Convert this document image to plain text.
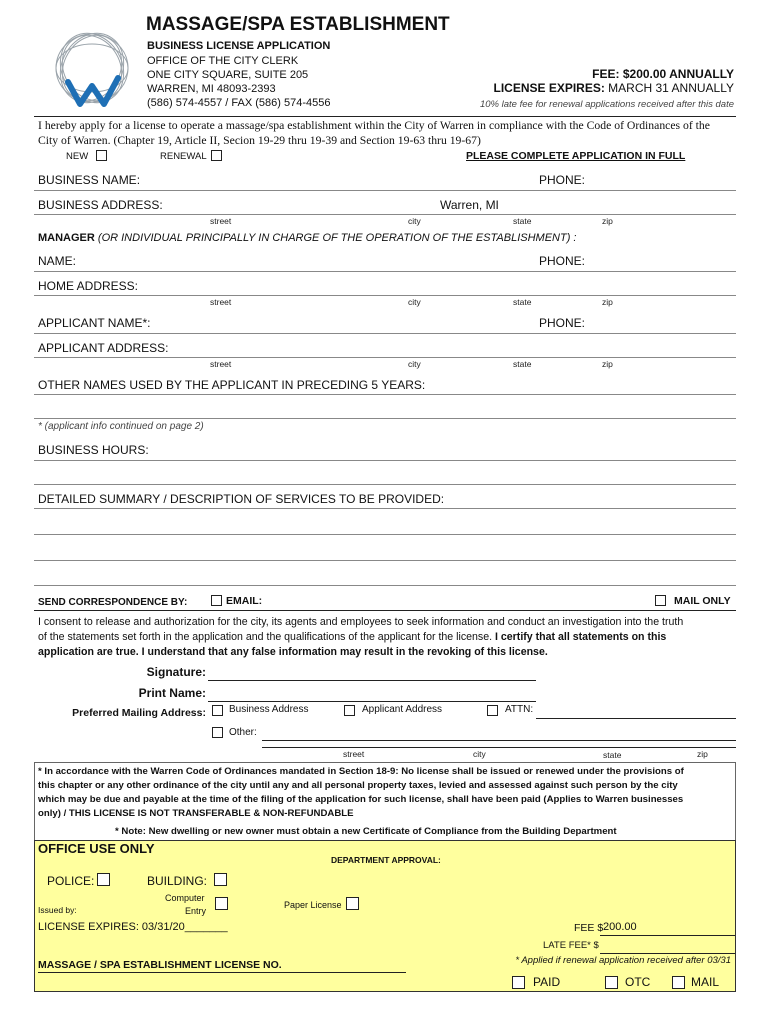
MASSAGE/SPA ESTABLISHMENT
BUSINESS LICENSE APPLICATION
OFFICE OF THE CITY CLERK
ONE CITY SQUARE, SUITE 205
WARREN, MI 48093-2393
(586) 574-4557 / FAX (586) 574-4556
FEE: $200.00 ANNUALLY
LICENSE EXPIRES: MARCH 31 ANNUALLY
10% late fee for renewal applications received after this date
I hereby apply for a license to operate a massage/spa establishment within the City of Warren in compliance with the Code of Ordinances of the
City of Warren. (Chapter 19, Article II, Secion 19-29 thru 19-39 and Section 19-63 thru 19-67)
NEW	RENEWAL	PLEASE COMPLETE APPLICATION IN FULL
BUSINESS NAME:	PHONE:
BUSINESS ADDRESS:	Warren, MI
street	city	state	zip
MANAGER (OR INDIVIDUAL PRINCIPALLY IN CHARGE OF THE OPERATION OF THE ESTABLISHMENT) :
NAME:	PHONE:
HOME ADDRESS:
street	city	state	zip
APPLICANT NAME*:	PHONE:
APPLICANT ADDRESS:
street	city	state	zip
OTHER NAMES USED BY THE APPLICANT IN PRECEDING 5 YEARS:
* (applicant info continued on page 2)
BUSINESS HOURS:
DETAILED SUMMARY / DESCRIPTION OF SERVICES TO BE PROVIDED:
SEND CORRESPONDENCE BY:	EMAIL:	MAIL ONLY
I consent to release and authorization for the city, its agents and employees to seek information and conduct an investigation into the truth
of the statements set forth in the application and the qualifications of the applicant for the license. I certify that all statements on this
application are true. I understand that any false information may result in the revoking of this license.
Signature:
Print Name:
Preferred Mailing Address: Business Address	Applicant Address	ATTN:
Other:
street	city	state	zip
* In accordance with the Warren Code of Ordinances mandated in Section 18-9: No license shall be issued or renewed under the provisions of
this chapter or any other ordinance of the city until any and all personal property taxes, levied and assessed against such person by the city
which may be due and payable at the time of the filing of the application for such license, shall have been paid (Applies to Warren businesses
only) / THIS LICENSE IS NOT TRANSFERABLE & NON-REFUNDABLE
* Note: New dwelling or new owner must obtain a new Certificate of Compliance from the Building Department
OFFICE USE ONLY
DEPARTMENT APPROVAL:
POLICE:	BUILDING:
Computer
Entry
Paper License
Issued by:
LICENSE EXPIRES: 03/31/20_______	FEE $ 200.00
LATE FEE* $
* Applied if renewal application received after 03/31
MASSAGE / SPA ESTABLISHMENT LICENSE NO.
PAID	OTC	MAIL
